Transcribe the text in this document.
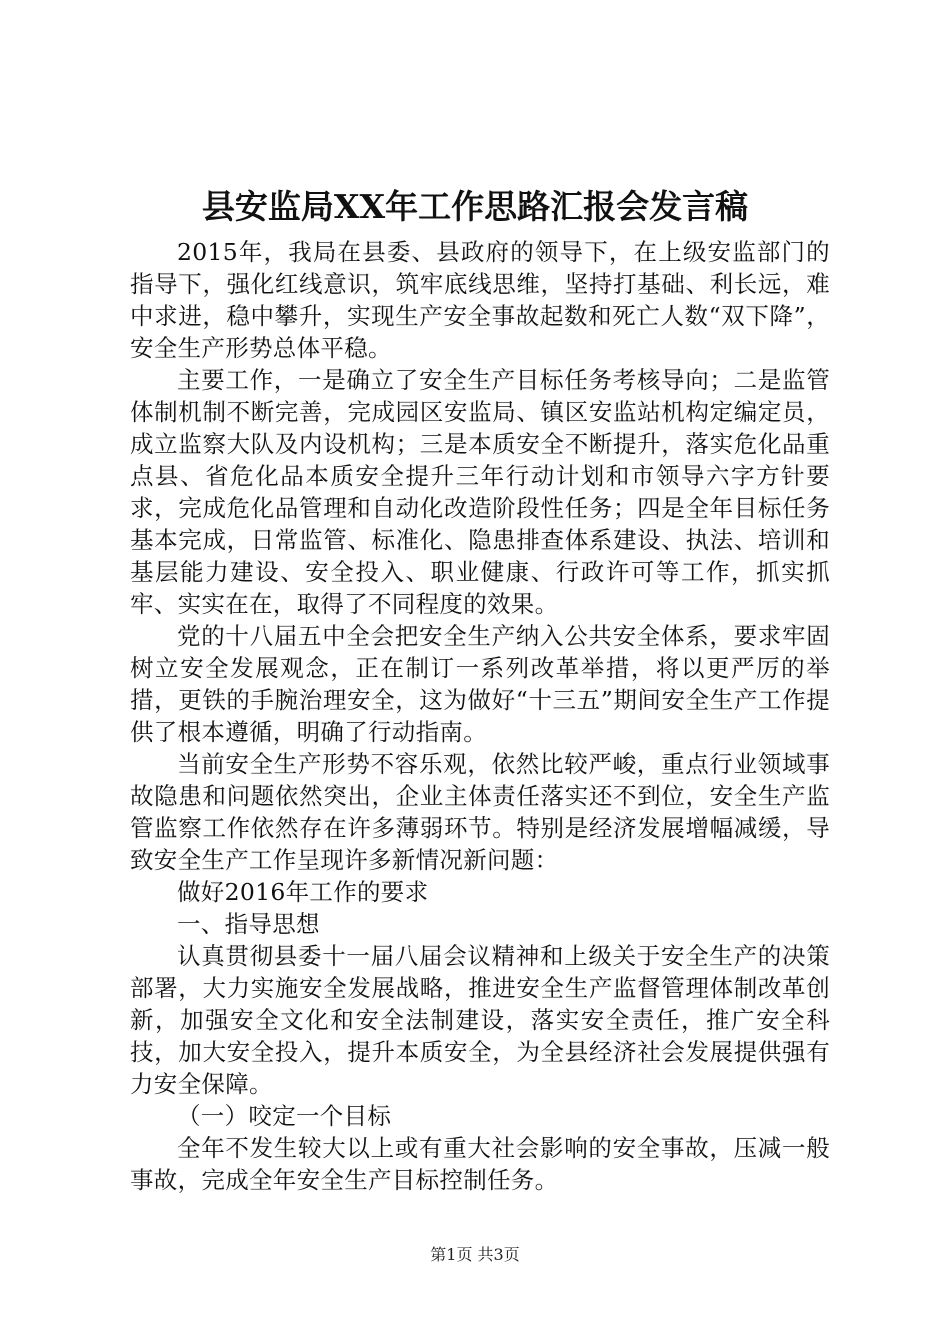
县安监局XX年工作思路汇报会发言稿

2015年，我局在县委、县政府的领导下，在上级安监部门的指导下，强化红线意识，筑牢底线思维，坚持打基础、利长远，难中求进，稳中攀升，实现生产安全事故起数和死亡人数“双下降”，安全生产形势总体平稳。

主要工作，一是确立了安全生产目标任务考核导向；二是监管体制机制不断完善，完成园区安监局、镇区安监站机构定编定员，成立监察大队及内设机构；三是本质安全不断提升，落实危化品重点县、省危化品本质安全提升三年行动计划和市领导六字方针要求，完成危化品管理和自动化改造阶段性任务；四是全年目标任务基本完成，日常监管、标准化、隐患排查体系建设、执法、培训和基层能力建设、安全投入、职业健康、行政许可等工作，抓实抓牢、实实在在，取得了不同程度的效果。

党的十八届五中全会把安全生产纳入公共安全体系，要求牢固树立安全发展观念，正在制订一系列改革举措，将以更严厉的举措，更铁的手腕治理安全，这为做好“十三五”期间安全生产工作提供了根本遵循，明确了行动指南。

当前安全生产形势不容乐观，依然比较严峻，重点行业领域事故隐患和问题依然突出，企业主体责任落实还不到位，安全生产监管监察工作依然存在许多薄弱环节。特别是经济发展增幅减缓，导致安全生产工作呈现许多新情况新问题：

做好2016年工作的要求

一、指导思想

认真贯彻县委十一届八届会议精神和上级关于安全生产的决策部署，大力实施安全发展战略，推进安全生产监督管理体制改革创新，加强安全文化和安全法制建设，落实安全责任，推广安全科技，加大安全投入，提升本质安全，为全县经济社会发展提供强有力安全保障。

（一）咬定一个目标

全年不发生较大以上或有重大社会影响的安全事故，压减一般事故，完成全年安全生产目标控制任务。

第1页 共3页
